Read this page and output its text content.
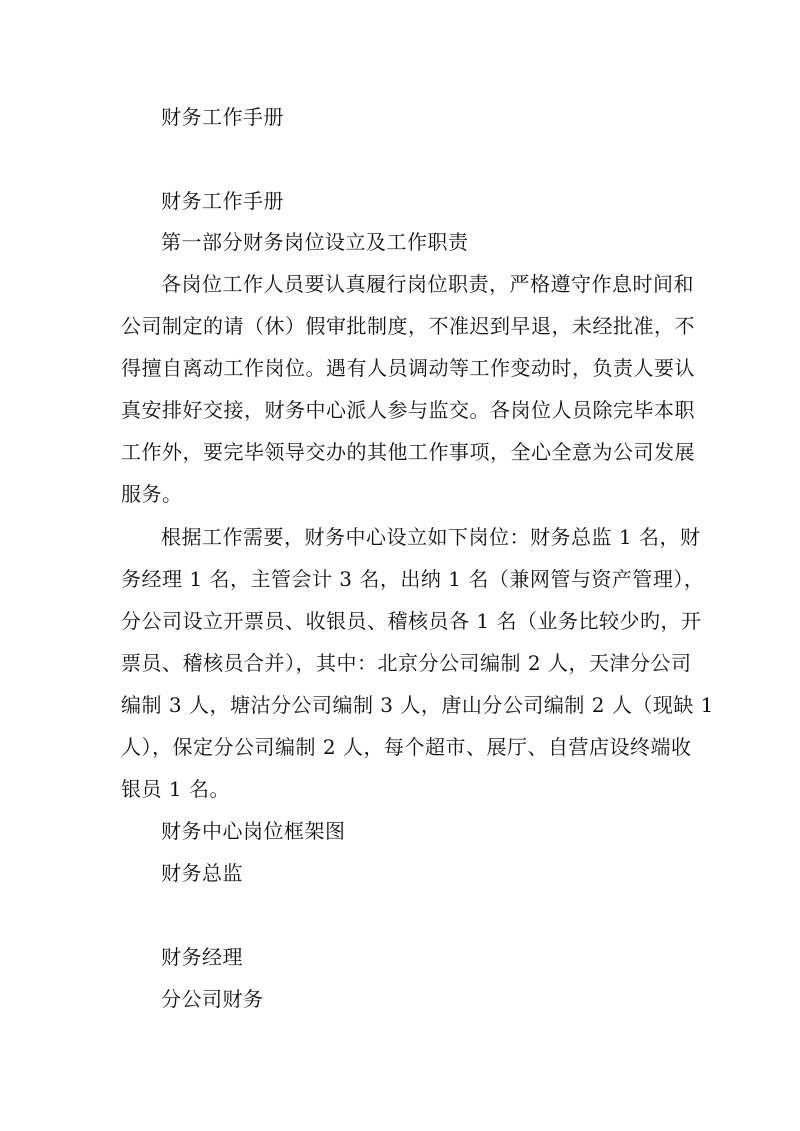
财务工作手册
财务工作手册
第一部分财务岗位设立及工作职责
各岗位工作人员要认真履行岗位职责，严格遵守作息时间和
公司制定的请（休）假审批制度，不准迟到早退，未经批准，不
得擅自离动工作岗位。遇有人员调动等工作变动时，负责人要认
真安排好交接，财务中心派人参与监交。各岗位人员除完毕本职
工作外，要完毕领导交办的其他工作事项，全心全意为公司发展
服务。
根据工作需要，财务中心设立如下岗位：财务总监 1 名，财
务经理 1 名，主管会计 3 名，出纳 1 名（兼网管与资产管理），
分公司设立开票员、收银员、稽核员各 1 名（业务比较少旳，开
票员、稽核员合并），其中：北京分公司编制 2 人，天津分公司
编制 3 人，塘沽分公司编制 3 人，唐山分公司编制 2 人（现缺 1
人），保定分公司编制 2 人，每个超市、展厅、自营店设终端收
银员 1 名。
财务中心岗位框架图
财务总监
财务经理
分公司财务
